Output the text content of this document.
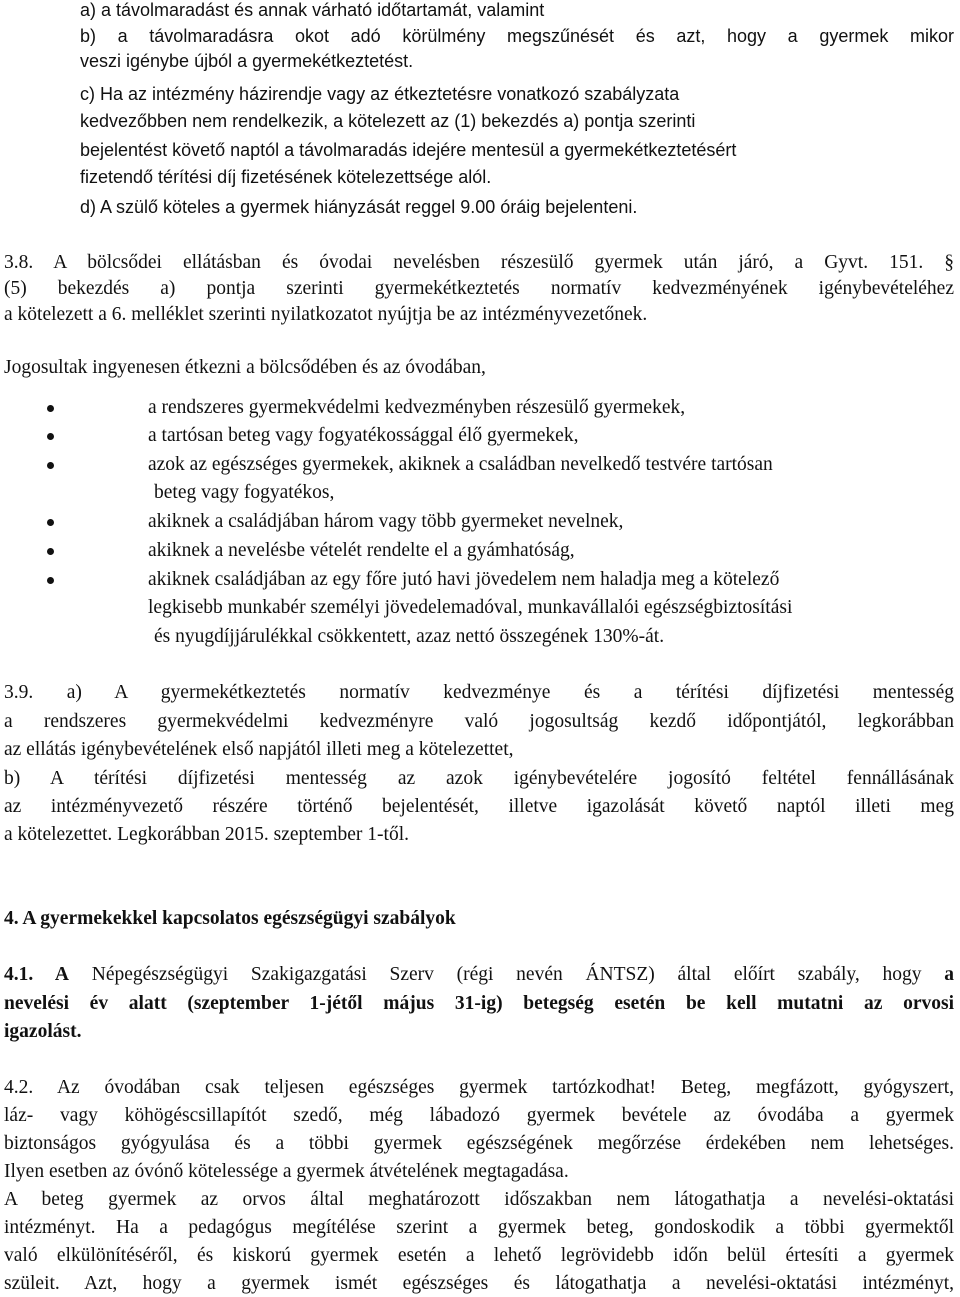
a) a távolmaradást és annak várható időtartamát, valamint
b) a távolmaradásra okot adó körülmény megszűnését és azt, hogy a gyermek mikor
veszi igénybe újból a gyermekétkeztetést.
c) Ha az intézmény házirendje vagy az étkeztetésre vonatkozó szabályzata
kedvezőbben nem rendelkezik, a kötelezett az (1) bekezdés a) pontja szerinti
bejelentést követő naptól a távolmaradás idejére mentesül a gyermekétkeztetésért
fizetendő térítési díj fizetésének kötelezettsége alól.
d) A szülő köteles a gyermek hiányzását reggel 9.00 óráig bejelenteni.
3.8. A bölcsődei ellátásban és óvodai nevelésben részesülő gyermek után járó, a Gyvt. 151. §
(5) bekezdés a) pontja szerinti gyermekétkeztetés normatív kedvezményének igénybevételéhez
a kötelezett a 6. melléklet szerinti nyilatkozatot nyújtja be az intézményvezetőnek.
Jogosultak ingyenesen étkezni a bölcsődében és az óvodában,
a rendszeres gyermekvédelmi kedvezményben részesülő gyermekek,
a tartósan beteg vagy fogyatékossággal élő gyermekek,
azok az egészséges gyermekek, akiknek a családban nevelkedő testvére tartósan
beteg vagy fogyatékos,
akiknek a családjában három vagy több gyermeket nevelnek,
akiknek a nevelésbe vételét rendelte el a gyámhatóság,
akiknek családjában az egy főre jutó havi jövedelem nem haladja meg a kötelező
legkisebb munkabér személyi jövedelemadóval, munkavállalói egészségbiztosítási
és nyugdíjjárulékkal csökkentett, azaz nettó összegének 130%-át.
3.9. a) A gyermekétkeztetés normatív kedvezménye és a térítési díjfizetési mentesség
a rendszeres gyermekvédelmi kedvezményre való jogosultság kezdő időpontjától, legkorábban
az ellátás igénybevételének első napjától illeti meg a kötelezettet,
b) A térítési díjfizetési mentesség az azok igénybevételére jogosító feltétel fennállásának
az intézményvezető részére történő bejelentését, illetve igazolását követő naptól illeti meg
a kötelezettet. Legkorábban 2015. szeptember 1-től.
4. A gyermekekkel kapcsolatos egészségügyi szabályok
4.1. A Népegészségügyi Szakigazgatási Szerv (régi nevén ÁNTSZ) által előírt szabály, hogy a
nevelési év alatt (szeptember 1-jétől május 31-ig) betegség esetén be kell mutatni az orvosi
igazolást.
4.2. Az óvodában csak teljesen egészséges gyermek tartózkodhat! Beteg, megfázott, gyógyszert,
láz- vagy köhögéscsillapítót szedő, még lábadozó gyermek bevétele az óvodába a gyermek
biztonságos gyógyulása és a többi gyermek egészségének megőrzése érdekében nem lehetséges.
Ilyen esetben az óvónő kötelessége a gyermek átvételének megtagadása.
A beteg gyermek az orvos által meghatározott időszakban nem látogathatja a nevelési-oktatási
intézményt. Ha a pedagógus megítélése szerint a gyermek beteg, gondoskodik a többi gyermektől
való elkülönítéséről, és kiskorú gyermek esetén a lehető legrövidebb időn belül értesíti a gyermek
szüleit. Azt, hogy a gyermek ismét egészséges és látogathatja a nevelési-oktatási intézményt,
